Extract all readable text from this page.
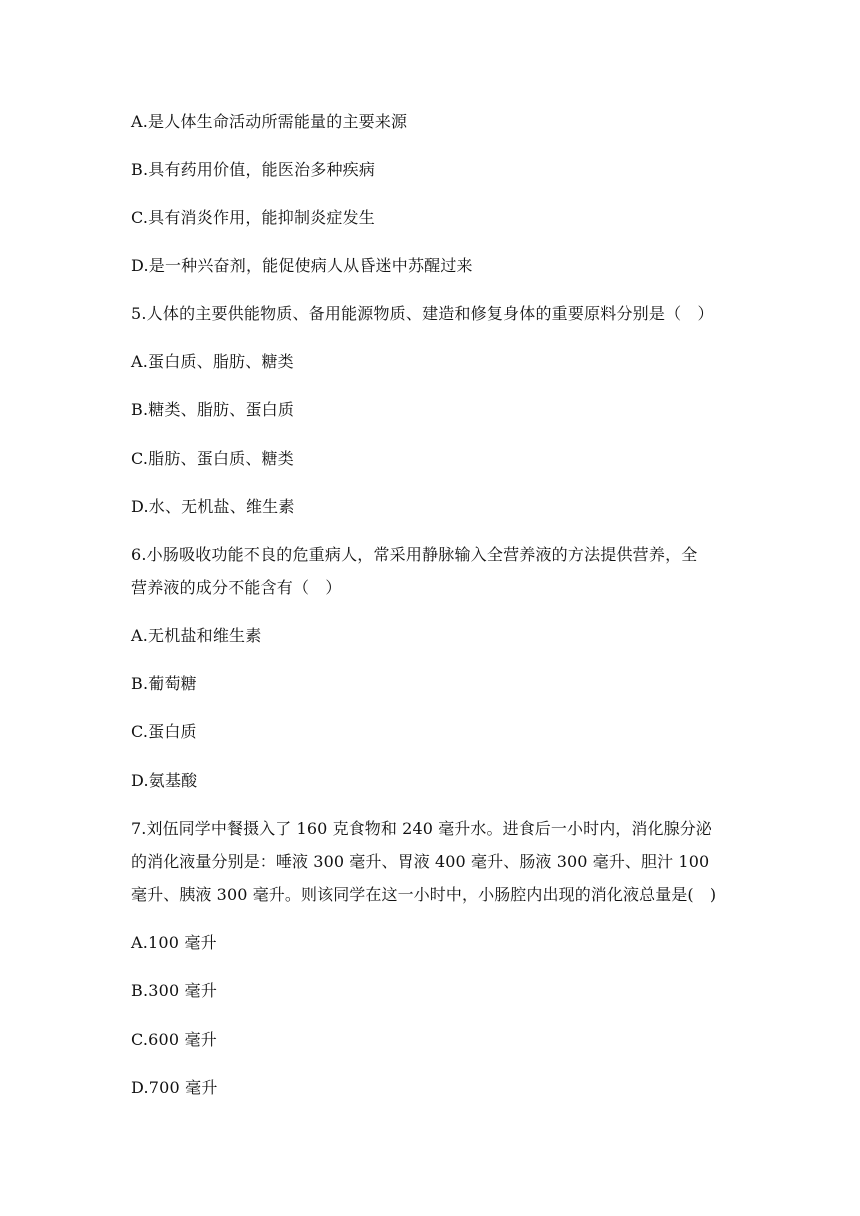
A.是人体生命活动所需能量的主要来源
B.具有药用价值，能医治多种疾病
C.具有消炎作用，能抑制炎症发生
D.是一种兴奋剂，能促使病人从昏迷中苏醒过来
5.人体的主要供能物质、备用能源物质、建造和修复身体的重要原料分别是（　）
A.蛋白质、脂肪、糖类
B.糖类、脂肪、蛋白质
C.脂肪、蛋白质、糖类
D.水、无机盐、维生素
6.小肠吸收功能不良的危重病人，常采用静脉输入全营养液的方法提供营养，全
营养液的成分不能含有（　）
A.无机盐和维生素
B.葡萄糖
C.蛋白质
D.氨基酸
7.刘伍同学中餐摄入了 160 克食物和 240 毫升水。进食后一小时内，消化腺分泌
的消化液量分别是：唾液 300 毫升、胃液 400 毫升、肠液 300 毫升、胆汁 100
毫升、胰液 300 毫升。则该同学在这一小时中，小肠腔内出现的消化液总量是(　)
A.100 毫升
B.300 毫升
C.600 毫升
D.700 毫升
